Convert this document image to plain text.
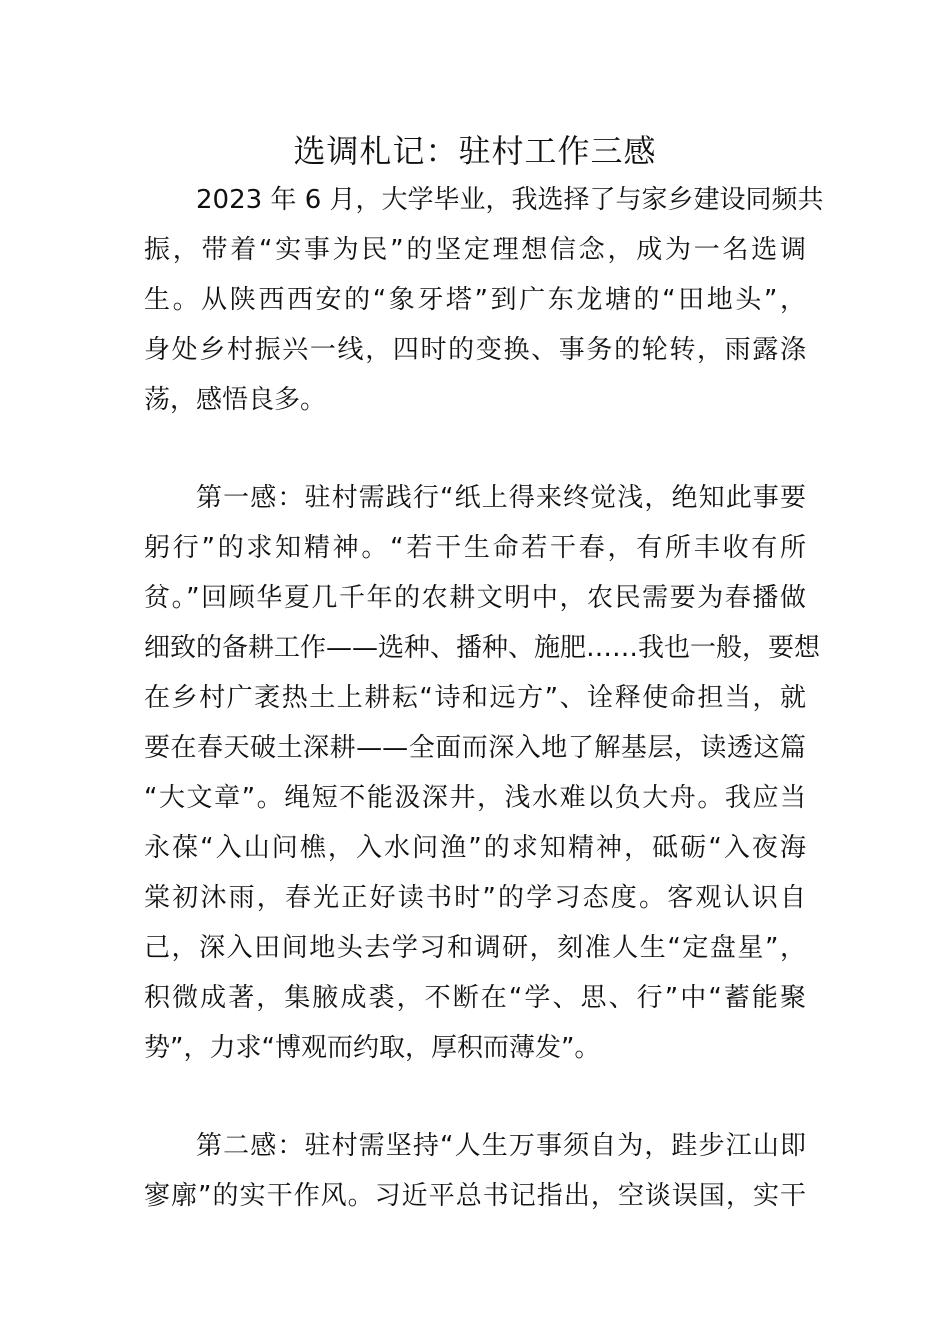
选调札记：驻村工作三感

2023 年 6 月，大学毕业，我选择了与家乡建设同频共

振，带着“实事为民”的坚定理想信念，成为一名选调

生。从陕西西安的“象牙塔”到广东龙塘的“田地头”，

身处乡村振兴一线，四时的变换、事务的轮转，雨露涤

荡，感悟良多。

第一感：驻村需践行“纸上得来终觉浅，绝知此事要

躬行”的求知精神。“若干生命若干春，有所丰收有所

贫。”回顾华夏几千年的农耕文明中，农民需要为春播做

细致的备耕工作——选种、播种、施肥……我也一般，要想

在乡村广袤热土上耕耘“诗和远方”、诠释使命担当，就

要在春天破土深耕——全面而深入地了解基层，读透这篇

“大文章”。绳短不能汲深井，浅水难以负大舟。我应当

永葆“入山问樵，入水问渔”的求知精神，砥砺“入夜海

棠初沐雨，春光正好读书时”的学习态度。客观认识自

己，深入田间地头去学习和调研，刻准人生“定盘星”，

积微成著，集腋成裘，不断在“学、思、行”中“蓄能聚

势”，力求“博观而约取，厚积而薄发”。

第二感：驻村需坚持“人生万事须自为，跬步江山即

寥廓”的实干作风。习近平总书记指出，空谈误国，实干
